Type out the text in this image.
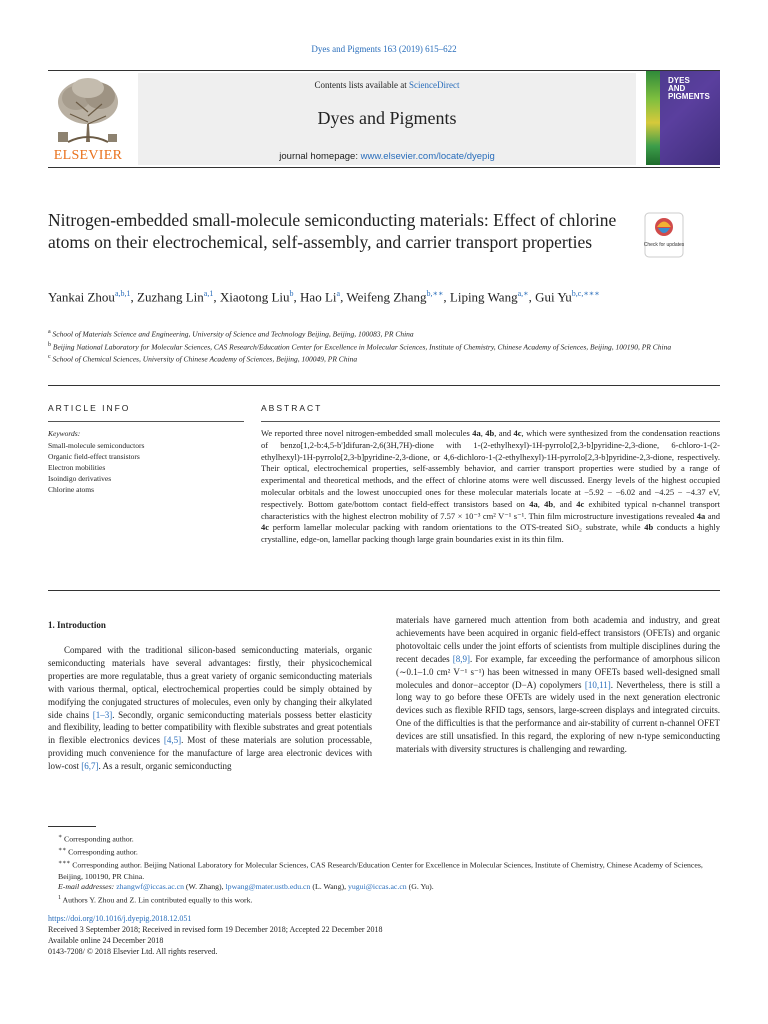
Dyes and Pigments 163 (2019) 615–622
ELSEVIER
Contents lists available at ScienceDirect
Dyes and Pigments
journal homepage: www.elsevier.com/locate/dyepig
DYES
AND
PIGMENTS
Nitrogen-embedded small-molecule semiconducting materials: Effect of chlorine atoms on their electrochemical, self-assembly, and carrier transport properties	Check for updates
Yankai Zhou$^{a,b,1}$, Zuzhang Lin$^{a,1}$, Xiaotong Liu$^b$, Hao Li$^a$, Weifeng Zhang$^{b,∗∗}$, Liping Wang$^{a,∗}$, Gui $Yu^{b,c,∗∗∗}$
$^a$ School of Materials Science and Engineering, University of Science and Technology Beijing, Beijing, 100083, PR China
$^b$ Beijing National Laboratory for Molecular Sciences, CAS Research/Education Center for Excellence in Molecular Sciences, Institute of Chemistry, Chinese Academy of Sciences, Beijing, 100190, PR China
$^c$ School of Chemical Sciences, University of Chinese Academy of Sciences, Beijing, 100049, PR China
ARTICLE INFO	ABSTRACT
Keywords:
Small-molecule semiconductors
Organic field-effect transistors
Electron mobilities
Isoindigo derivatives
Chlorine atoms
We reported three novel nitrogen-embedded small molecules 4a, 4b, and 4c, which were synthesized from the condensation reactions of benzo[1,2-b:4,5-b']difuran-2,6(3H,7H)-dione with 1-(2-ethylhexyl)-1H-pyrrolo[2,3-b]pyridine-2,3-dione, 6-chloro-1-(2-ethylhexyl)-1H-pyrrolo[2,3-b]pyridine-2,3-dione, or 4,6-dichloro-1-(2-ethylhexyl)-1H-pyrrolo[2,3-b]pyridine-2,3-dione, respectively. Their optical, electrochemical properties, self-assembly behavior, and carrier transport properties were studied by a range of experimental and theoretical methods, and the effect of chlorine atoms were well discussed. Energy levels of the highest occupied molecular orbitals and the lowest unoccupied ones for these molecular materials locate at −5.92 − −6.02 and −4.25 − −4.37 eV, respectively. Bottom gate/bottom contact field-effect transistors based on 4a, 4b, and 4c exhibited typical n-channel transport characteristics with the highest electron mobility of 7.57 × 10⁻³ cm² V⁻¹ s⁻¹. Thin film microstructure investigations revealed 4a and 4c perform lamellar molecular packing with random orientations to the OTS-treated SiO₂ substrate, while 4b conducts a highly crystalline, edge-on, lamellar packing though large grain boundaries exist in its thin film.
1. Introduction
Compared with the traditional silicon-based semiconducting materials, organic semiconducting materials have several advantages: firstly, their physicochemical properties are more regulatable, thus a great variety of organic semiconducting materials with various thermal, optical, electrochemical properties could be simply obtained by modifying the conjugated structures of molecules, even only by changing their alkylated side chains [1–3]. Secondly, organic semiconducting materials possess better elasticity and flexibility, leading to better compatibility with flexible substrates and great potentials in flexible electronics devices [4,5]. Most of these materials are solution processable, providing much convenience for the manufacture of large area electronic devices with low-cost [6,7]. As a result, organic semiconducting
materials have garnered much attention from both academia and industry, and great achievements have been acquired in organic field-effect transistors (OFETs) and organic photovoltaic cells under the joint efforts of scientists from multiple disciplines during the recent decades [8,9]. For example, far exceeding the performance of amorphous silicon (∼0.1–1.0 cm² V⁻¹ s⁻¹) has been witnessed in many OFETs based well-designed small molecules and donor−acceptor (D−A) copolymers [10,11]. Nevertheless, there is still a long way to go before these OFETs are widely used in the next generation electronic devices such as flexible RFID tags, sensors, large-screen displays and integrated circuits. One of the difficulties is that the performance and air-stability of current n-channel OFET devices are still unsatisfied. In this regard, the exploring of new n-type semiconducting materials with diversity structures is challenging and rewarding.
∗ Corresponding author.
∗∗ Corresponding author.
∗∗∗ Corresponding author. Beijing National Laboratory for Molecular Sciences, CAS Research/Education Center for Excellence in Molecular Sciences, Institute of Chemistry, Chinese Academy of Sciences, Beijing, 100190, PR China.
E-mail addresses: zhangwf@iccas.ac.cn (W. Zhang), lpwang@mater.ustb.edu.cn (L. Wang), yugui@iccas.ac.cn (G. Yu).
$^1$ Authors Y. Zhou and Z. Lin contributed equally to this work.
https://doi.org/10.1016/j.dyepig.2018.12.051
Received 3 September 2018; Received in revised form 19 December 2018; Accepted 22 December 2018
Available online 24 December 2018
0143-7208/ © 2018 Elsevier Ltd. All rights reserved.
